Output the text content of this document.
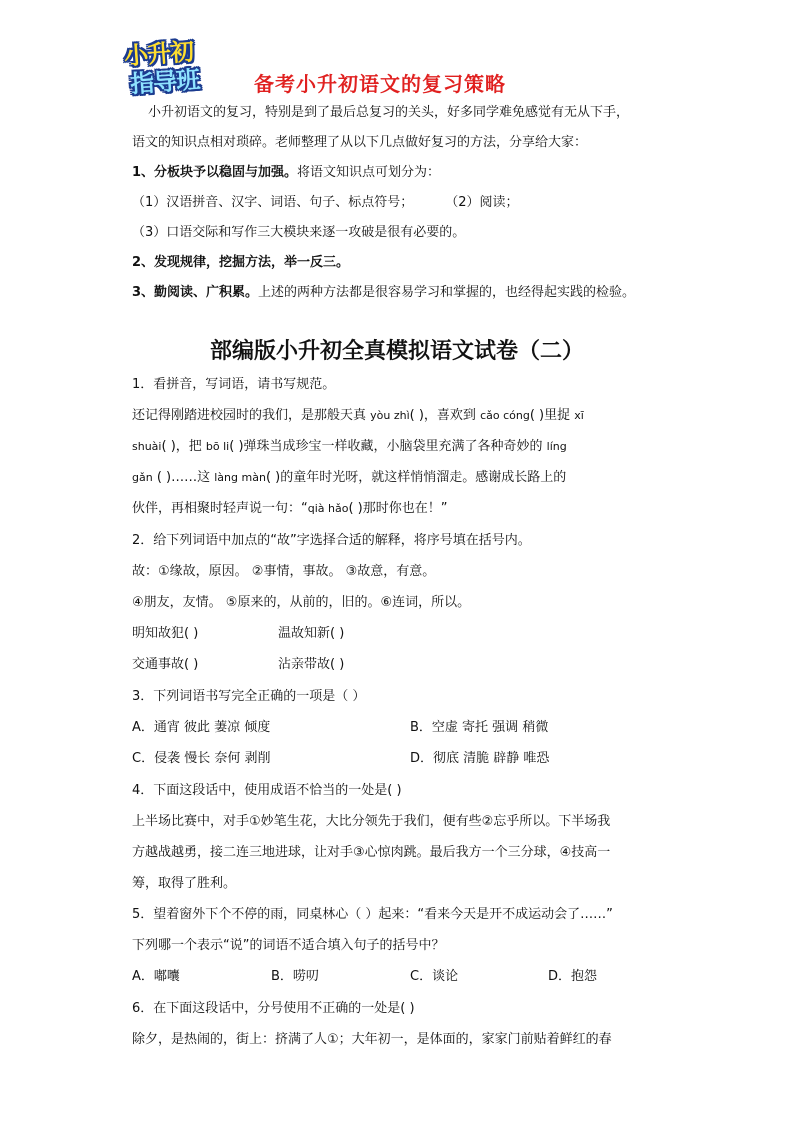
小升初
指导班	备考小升初语文的复习策略

小升初语文的复习，特别是到了最后总复习的关头，好多同学难免感觉有无从下手，

语文的知识点相对琐碎。老师整理了从以下几点做好复习的方法，分享给大家：

1、分板块予以稳固与加强。将语文知识点可划分为：

（1）汉语拼音、汉字、词语、句子、标点符号； （2）阅读；

（3）口语交际和写作三大模块来逐一攻破是很有必要的。

2、发现规律，挖掘方法，举一反三。

3、勤阅读、广积累。上述的两种方法都是很容易学习和掌握的，也经得起实践的检验。

部编版小升初全真模拟语文试卷（二）

1．看拼音，写词语，请书写规范。

还记得刚踏进校园时的我们，是那般天真 yòu zhì( )，喜欢到 cǎo cóng( )里捉 xī

shuài( )，把 bō li( )弹珠当成珍宝一样收藏，小脑袋里充满了各种奇妙的 líng

gǎn ( )……这 làng màn( )的童年时光呀，就这样悄悄溜走。感谢成长路上的

伙伴，再相聚时轻声说一句：“qià hǎo( )那时你也在！”

2．给下列词语中加点的“故”字选择合适的解释，将序号填在括号内。

故：①缘故，原因。 ②事情，事故。 ③故意，有意。

④朋友，友情。 ⑤原来的，从前的，旧的。⑥连词，所以。

明知故犯( )	温故知新( )

交通事故( )	沾亲带故( )

3．下列词语书写完全正确的一项是（ ）

A．通宵 彼此 萋凉 倾度	B．空虚 寄托 强调 稍微

C．侵袭 慢长 奈何 剥削	D．彻底 清脆 辟静 唯恐

4．下面这段话中，使用成语不恰当的一处是( )

上半场比赛中，对手①妙笔生花，大比分领先于我们，便有些②忘乎所以。下半场我

方越战越勇，接二连三地进球，让对手③心惊肉跳。最后我方一个三分球，④技高一

筹，取得了胜利。

5．望着窗外下个不停的雨，同桌林心（ ）起来：“看来今天是开不成运动会了……”

下列哪一个表示“说”的词语不适合填入句子的括号中？

A．嘟囔	B．唠叨	C．谈论	D．抱怨

6．在下面这段话中，分号使用不正确的一处是( )

除夕，是热闹的，街上：挤满了人①；大年初一，是体面的，家家门前贴着鲜红的春
